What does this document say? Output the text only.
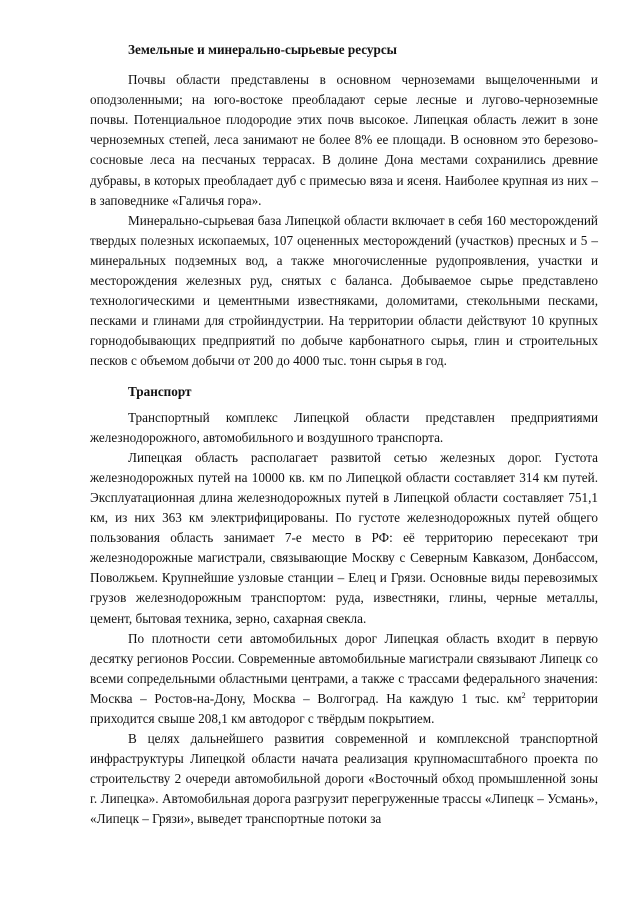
Земельные и минерально-сырьевые ресурсы

Почвы области представлены в основном черноземами выщелоченными и оподзоленными; на юго-востоке преобладают серые лесные и лугово-черноземные почвы. Потенциальное плодородие этих почв высокое. Липецкая область лежит в зоне черноземных степей, леса занимают не более 8% ее площади. В основном это березово-сосновые леса на песчаных террасах. В долине Дона местами сохранились древние дубравы, в которых преобладает дуб с примесью вяза и ясеня. Наиболее крупная из них – в заповеднике «Галичья гора».

Минерально-сырьевая база Липецкой области включает в себя 160 месторождений твердых полезных ископаемых, 107 оцененных месторождений (участков) пресных и 5 – минеральных подземных вод, а также многочисленные рудопроявления, участки и месторождения железных руд, снятых с баланса. Добываемое сырье представлено технологическими и цементными известняками, доломитами, стекольными песками, песками и глинами для стройиндустрии. На территории области действуют 10 крупных горнодобывающих предприятий по добыче карбонатного сырья, глин и строительных песков с объемом добычи от 200 до 4000 тыс. тонн сырья в год.

Транспорт

Транспортный комплекс Липецкой области представлен предприятиями железнодорожного, автомобильного и воздушного транспорта.

Липецкая область располагает развитой сетью железных дорог. Густота железнодорожных путей на 10000 кв. км по Липецкой области составляет 314 км путей. Эксплуатационная длина железнодорожных путей в Липецкой области составляет 751,1 км, из них 363 км электрифицированы. По густоте железнодорожных путей общего пользования область занимает 7-е место в РФ: её территорию пересекают три железнодорожные магистрали, связывающие Москву с Северным Кавказом, Донбассом, Поволжьем. Крупнейшие узловые станции – Елец и Грязи. Основные виды перевозимых грузов железнодорожным транспортом: руда, известняки, глины, черные металлы, цемент, бытовая техника, зерно, сахарная свекла.

По плотности сети автомобильных дорог Липецкая область входит в первую десятку регионов России. Современные автомобильные магистрали связывают Липецк со всеми сопредельными областными центрами, а также с трассами федерального значения: Москва – Ростов-на-Дону, Москва – Волгоград. На каждую 1 тыс. $км^2$ территории приходится свыше 208,1 км автодорог с твёрдым покрытием.

В целях дальнейшего развития современной и комплексной транспортной инфраструктуры Липецкой области начата реализация крупномасштабного проекта по строительству 2 очереди автомобильной дороги «Восточный обход промышленной зоны г. Липецка». Автомобильная дорога разгрузит перегруженные трассы «Липецк – Усмань», «Липецк – Грязи», выведет транспортные потоки за
